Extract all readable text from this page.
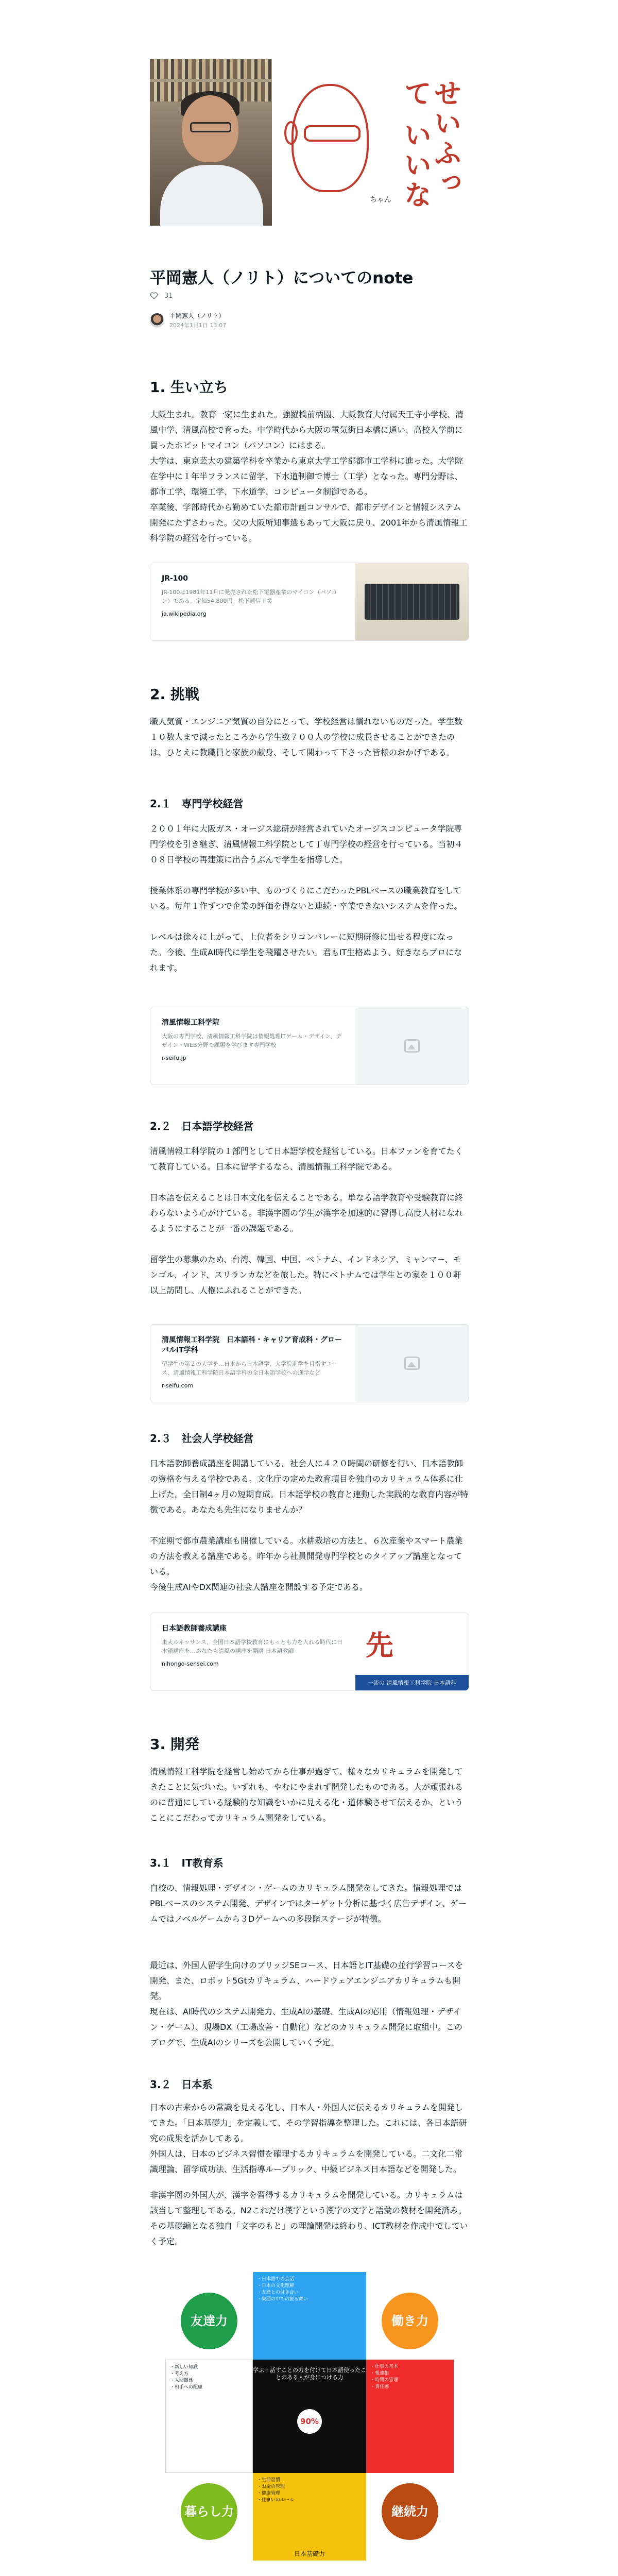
せいふって いいな
ちゃん
平岡憲人（ノリト）についてのnote
31
平岡憲人（ノリト）
2024年1月1日 13:07
1. 生い立ち

大阪生まれ。教育一家に生まれた。強羅橋前柄園、大阪教育大付属天王寺小学校、清風中学、清風高校で育った。中学時代から大阪の電気街日本橋に通い、高校入学前に買ったホビットマイコン（パソコン）にはまる。

大学は、東京芸大の建築学科を卒業から東京大学工学部都市工学科に進った。大学院在学中に１年半フランスに留学、下水道制御で博士（工学）となった。専門分野は、都市工学、環境工学、下水道学、コンピュータ制御である。

卒業後、学部時代から勤めていた都市計画コンサルで、都市デザインと情報システム開発にたずさわった。父の大阪所知事選もあって大阪に戻り、2001年から清風情報工科学院の経営を行っている。

JR-100
JR-100は1981年11月に発売された松下電器産業のマイコン（パソコン）である。定価54,800円。松下通信工業
ja.wikipedia.org
2. 挑戦

職人気質・エンジニア気質の自分にとって、学校経営は慣れないものだった。学生数１０数人まで減ったところから学生数７００人の学校に成長させることができたのは、ひとえに教職員と家族の献身、そして関わって下さった皆様のおかげである。

2.１　専門学校経営

２００１年に大阪ガス・オージス総研が経営されていたオージスコンピュータ学院専門学校を引き継ぎ、清風情報工科学院として丁専門学校の経営を行っている。当初４０８日学校の再建策に出合うぶんで学生を指導した。

授業体系の専門学校が多い中、ものづくりにこだわったPBLベースの職業教育をしている。毎年１作ずつで企業の評価を得ないと連続・卒業できないシステムを作った。

レベルは徐々に上がって、上位者をシリコンバレーに短期研修に出せる程度になった。今後、生成AI時代に学生を飛躍させたい。君もIT生格ぬよう、好きならプロになれます。

清風情報工科学院
大阪の専門学校、清風情報工科学院は情報処理ITゲーム・デザイン、デザイン・WEB分野で課題を学びます専門学校
r-seifu.jp
2.２　日本語学校経営

清風情報工科学院の１部門として日本語学校を経営している。日本ファンを育てたくて教育している。日本に留学するなら、清風情報工科学院である。

日本語を伝えることは日本文化を伝えることである。単なる語学教育や受験教育に終わらないよう心がけている。非漢字圏の学生が漢字を加速的に習得し高度人材になれるようにすることが一番の課題である。

留学生の募集のため、台湾、韓国、中国、ベトナム、インドネシア、ミャンマー、モンゴル、インド、スリランカなどを旅した。特にベトナムでは学生との家を１００軒以上訪問し、人権にふれることができた。

清風情報工科学院　日本語科・キャリア育成科・グローバルIT学科
留学生の第２の大学を…日本から日本語学、大学院進学を目指すコース、清風情報工科学院日本語学科の全日本語学校への進学など
r-seifu.com
2.３　社会人学校経営

日本語教師養成講座を開講している。社会人に４２０時間の研修を行い、日本語教師の資格を与える学校である。文化庁の定めた教育項目を独自のカリキュラム体系に仕上げた。全日制4ヶ月の短期育成。日本語学校の教育と連動した実践的な教育内容が特徴である。あなたも先生になりませんか？

不定期で都市農業講座も開催している。水耕栽培の方法と、６次産業やスマート農業の方法を教える講座である。昨年から社員開発専門学校とのタイアップ講座となっている。

今後生成AIやDX関連の社会人講座を開設する予定である。

日本語教師養成講座
東大ルネッサンス、全国日本語学校教育にもっとも力を入れる時代に日本語講座を…あなたも清風の講座を開講 日本語教師
nihongo-sensei.com
先
一流の 清風情報工科学院 日本語科
3. 開発

清風情報工科学院を経営し始めてから仕事が過ぎて、様々なカリキュラムを開発してきたことに気づいた。いずれも、やむにやまれず開発したものである。人が頑張れるのに普通にしている経験的な知識をいかに見える化・道体験させて伝えるか、ということにこだわってカリキュラム開発をしている。

3.１　IT教育系

自校の、情報処理・デザイン・ゲームのカリキュラム開発をしてきた。情報処理ではPBLベースのシステム開発、デザインではターゲット分析に基づく広告デザイン、ゲームではノベルゲームから３Dゲームへの多段階ステージが特徴。

最近は、外国人留学生向けのブリッジSEコース、日本語とIT基礎の並行学習コースを開発、また、ロボット5Gtカリキュラム、ハードウェアエンジニアカリキュラムも開発。

現在は、AI時代のシステム開発力、生成AIの基礎、生成AIの応用（情報処理・デザイン・ゲーム）、現場DX（工場改善・自動化）などのカリキュラム開発に取組中。このブログで、生成AIのシリーズを公開していく予定。

3.２　日本系

日本の古来からの常識を見える化し、日本人・外国人に伝えるカリキュラムを開発してきた。「日本基礎力」を定義して、その学習指導を整理した。これには、各日本語研究の成果を活かしてある。

外国人は、日本のビジネス習慣を確理するカリキュラムを開発している。二文化二常識理論、留学成功法、生活指導ループリック、中級ビジネス日本語などを開発した。

非漢字圏の外国人が、漢字を習得するカリキュラムを開発している。カリキュラムは該当して整理してある。N2これだけ漢字という漢字の文字と語彙の教材を開発済み。その基礎編となる独自「文字のもと」の理論開発は終わり、ICT教材を作成中でしていく予定。

・日本語での会話
・日本の文化理解
・友達との付き合い
・集団の中での振る舞い
・仕事の基本
・報連相
・時間の管理
・責任感
・生活習慣
・お金の管理
・健康管理
・住まいのルール
・新しい知識
・考え方
・人間関係
・相手への配慮
学ぶ・話すことの力を付けて日本語使ったことのある人が身につける力
90%
友達力	働き力
暮らし力	継続力
日本基礎力
